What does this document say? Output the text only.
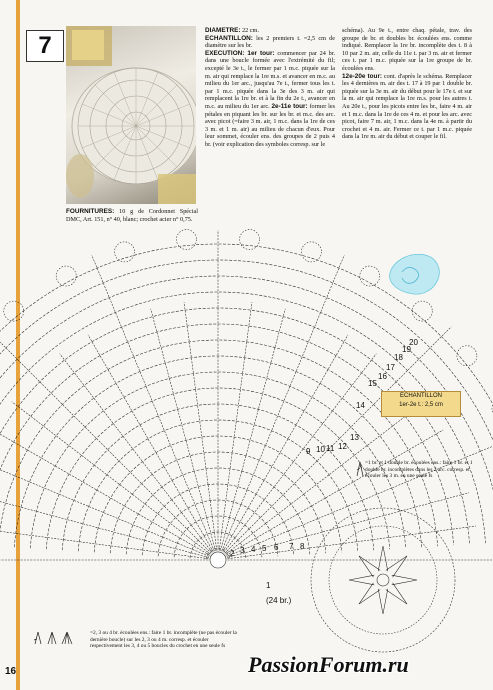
7
FOURNITURES: 10 g de Cordonnet Spécial DMC, Art. 151, n° 40, blanc; crochet acier n° 0,75.
DIAMETRE: 22 cm.
ECHANTILLON: les 2 premiers t. =2,5 cm de diamètre sur les br.
EXECUTION: 1er tour: commencer par 24 br. dans une boucle formée avec l'extrémité du fil; excepté le 3e t., le fermer par 1 m.c. piquée sur la m. air qui remplace la 1re m.s. et avancer en m.c. au milieu du 1er arc., jusqu'au 7e t., fermer tous les t. par 1 m.c. piquée dans la 3e des 3 m. air qui remplacent la 1re br. et à la fin du 2e t., avancer en m.c. au milieu du 1er arc. 2e-11e tour: former les pétales en piquant les br. sur les br. et m.c. des arc. avec picot (=faire 3 m. air, 1 m.c. dans la 1re de ces 3 m. et 1 m. air) au milieu de chacun d'eux. Pour leur sommet, écouler ens. des groupes de 2 puis 4 br. (voir explication des symboles corresp. sur le
schéma). Au 9e t., entre chaq. pétale, trav. des groupe de br. et doubles br. écoulées ens. comme indiqué. Remplacer la 1re br. incomplète des t. 8 à 10 par 2 m. air, celle du 11e t. par 3 m. air et fermer ces t. par 1 m.c. piquée sur la 1re groupe de br. écoulées ens.
12e-20e tour: cont. d'après le schéma. Remplacer les 4 dernières m. air des t. 17 à 19 par 1 double br. piquée sur la 3e m. air du début pour le 17e t. et sur la m. air qui remplace la 1re m.s. pour les autres t. Au 20e t., pour les picots entre les br., faire 4 m. air et 1 m.c. dans la 1re de ces 4 m. et pour les arc. avec picot, faire 7 m. air, 1 m.c. dans la 4e m. à partir du crochet et 4 m. air. Fermer ce t. par 1 m.c. piquée dans la 1re m. air du début et couper le fil.
20
19
18
17
16
15
14
13
12
11
10
9
8
7
6
5
4
3
2
1
(24 br.)
ECHANTILLON
1er-2e t.: 2,5 cm
=1 br. et 1 double br. écoulées ens.: faire 1 br. et 1 double br. incomplètes dans les 2 arc. corresp. et écouler les 3 m. en une seule fs
=2, 3 ou 4 br. écoulées ens.: faire 1 br. incomplète (ne pas écouler la dernière boucle) sur les 2, 3 ou 4 m. corresp. et écouler respectivement les 3, 4 ou 5 boucles du crochet en une seule fs
16	PassionForum.ru
